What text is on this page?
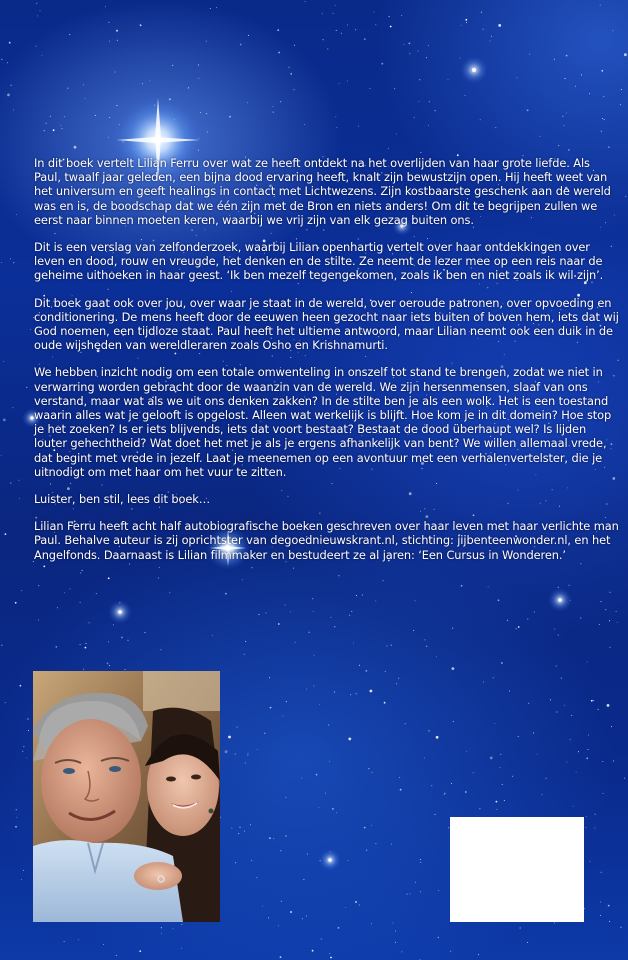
In dit boek vertelt Lilian Ferru over wat ze heeft ontdekt na het overlijden van haar grote liefde. Als Paul, twaalf jaar geleden, een bijna dood ervaring heeft, knalt zijn bewustzijn open. Hij heeft weet van het universum en geeft healings in contact met Lichtwezens. Zijn kostbaarste geschenk aan de wereld was en is, de boodschap dat we één zijn met de Bron en niets anders! Om dit te begrijpen zullen we eerst naar binnen moeten keren, waarbij we vrij zijn van elk gezag buiten ons.

Dit is een verslag van zelfonderzoek, waarbij Lilian openhartig vertelt over haar ontdekkingen over leven en dood, rouw en vreugde, het denken en de stilte. Ze neemt de lezer mee op een reis naar de geheime uithoeken in haar geest. ‘Ik ben mezelf tegengekomen, zoals ik ben en niet zoals ik wil zijn’.

Dit boek gaat ook over jou, over waar je staat in de wereld, over oeroude patronen, over opvoeding en conditionering. De mens heeft door de eeuwen heen gezocht naar iets buiten of boven hem, iets dat wij God noemen, een tijdloze staat. Paul heeft het ultieme antwoord, maar Lilian neemt ook een duik in de oude wijsheden van wereldleraren zoals Osho en Krishnamurti.

We hebben inzicht nodig om een totale omwenteling in onszelf tot stand te brengen, zodat we niet in verwarring worden gebracht door de waanzin van de wereld. We zijn hersenmensen, slaaf van ons verstand, maar wat als we uit ons denken zakken? In de stilte ben je als een wolk. Het is een toestand waarin alles wat je gelooft is opgelost. Alleen wat werkelijk is blijft. Hoe kom je in dit domein? Hoe stop je het zoeken? Is er iets blijvends, iets dat voort bestaat? Bestaat de dood überhaupt wel? Is lijden louter gehechtheid? Wat doet het met je als je ergens afhankelijk van bent? We willen allemaal vrede, dat begint met vrede in jezelf. Laat je meenemen op een avontuur met een verhalenvertelster, die je uitnodigt om met haar om het vuur te zitten.

Luister, ben stil, lees dit boek…

Lilian Ferru heeft acht half autobiografische boeken geschreven over haar leven met haar verlichte man Paul. Behalve auteur is zij oprichtster van degoednieuwskrant.nl, stichting: jijbenteenwonder.nl, en het Angelfonds. Daarnaast is Lilian filmmaker en bestudeert ze al jaren: ‘Een Cursus in Wonderen.’
